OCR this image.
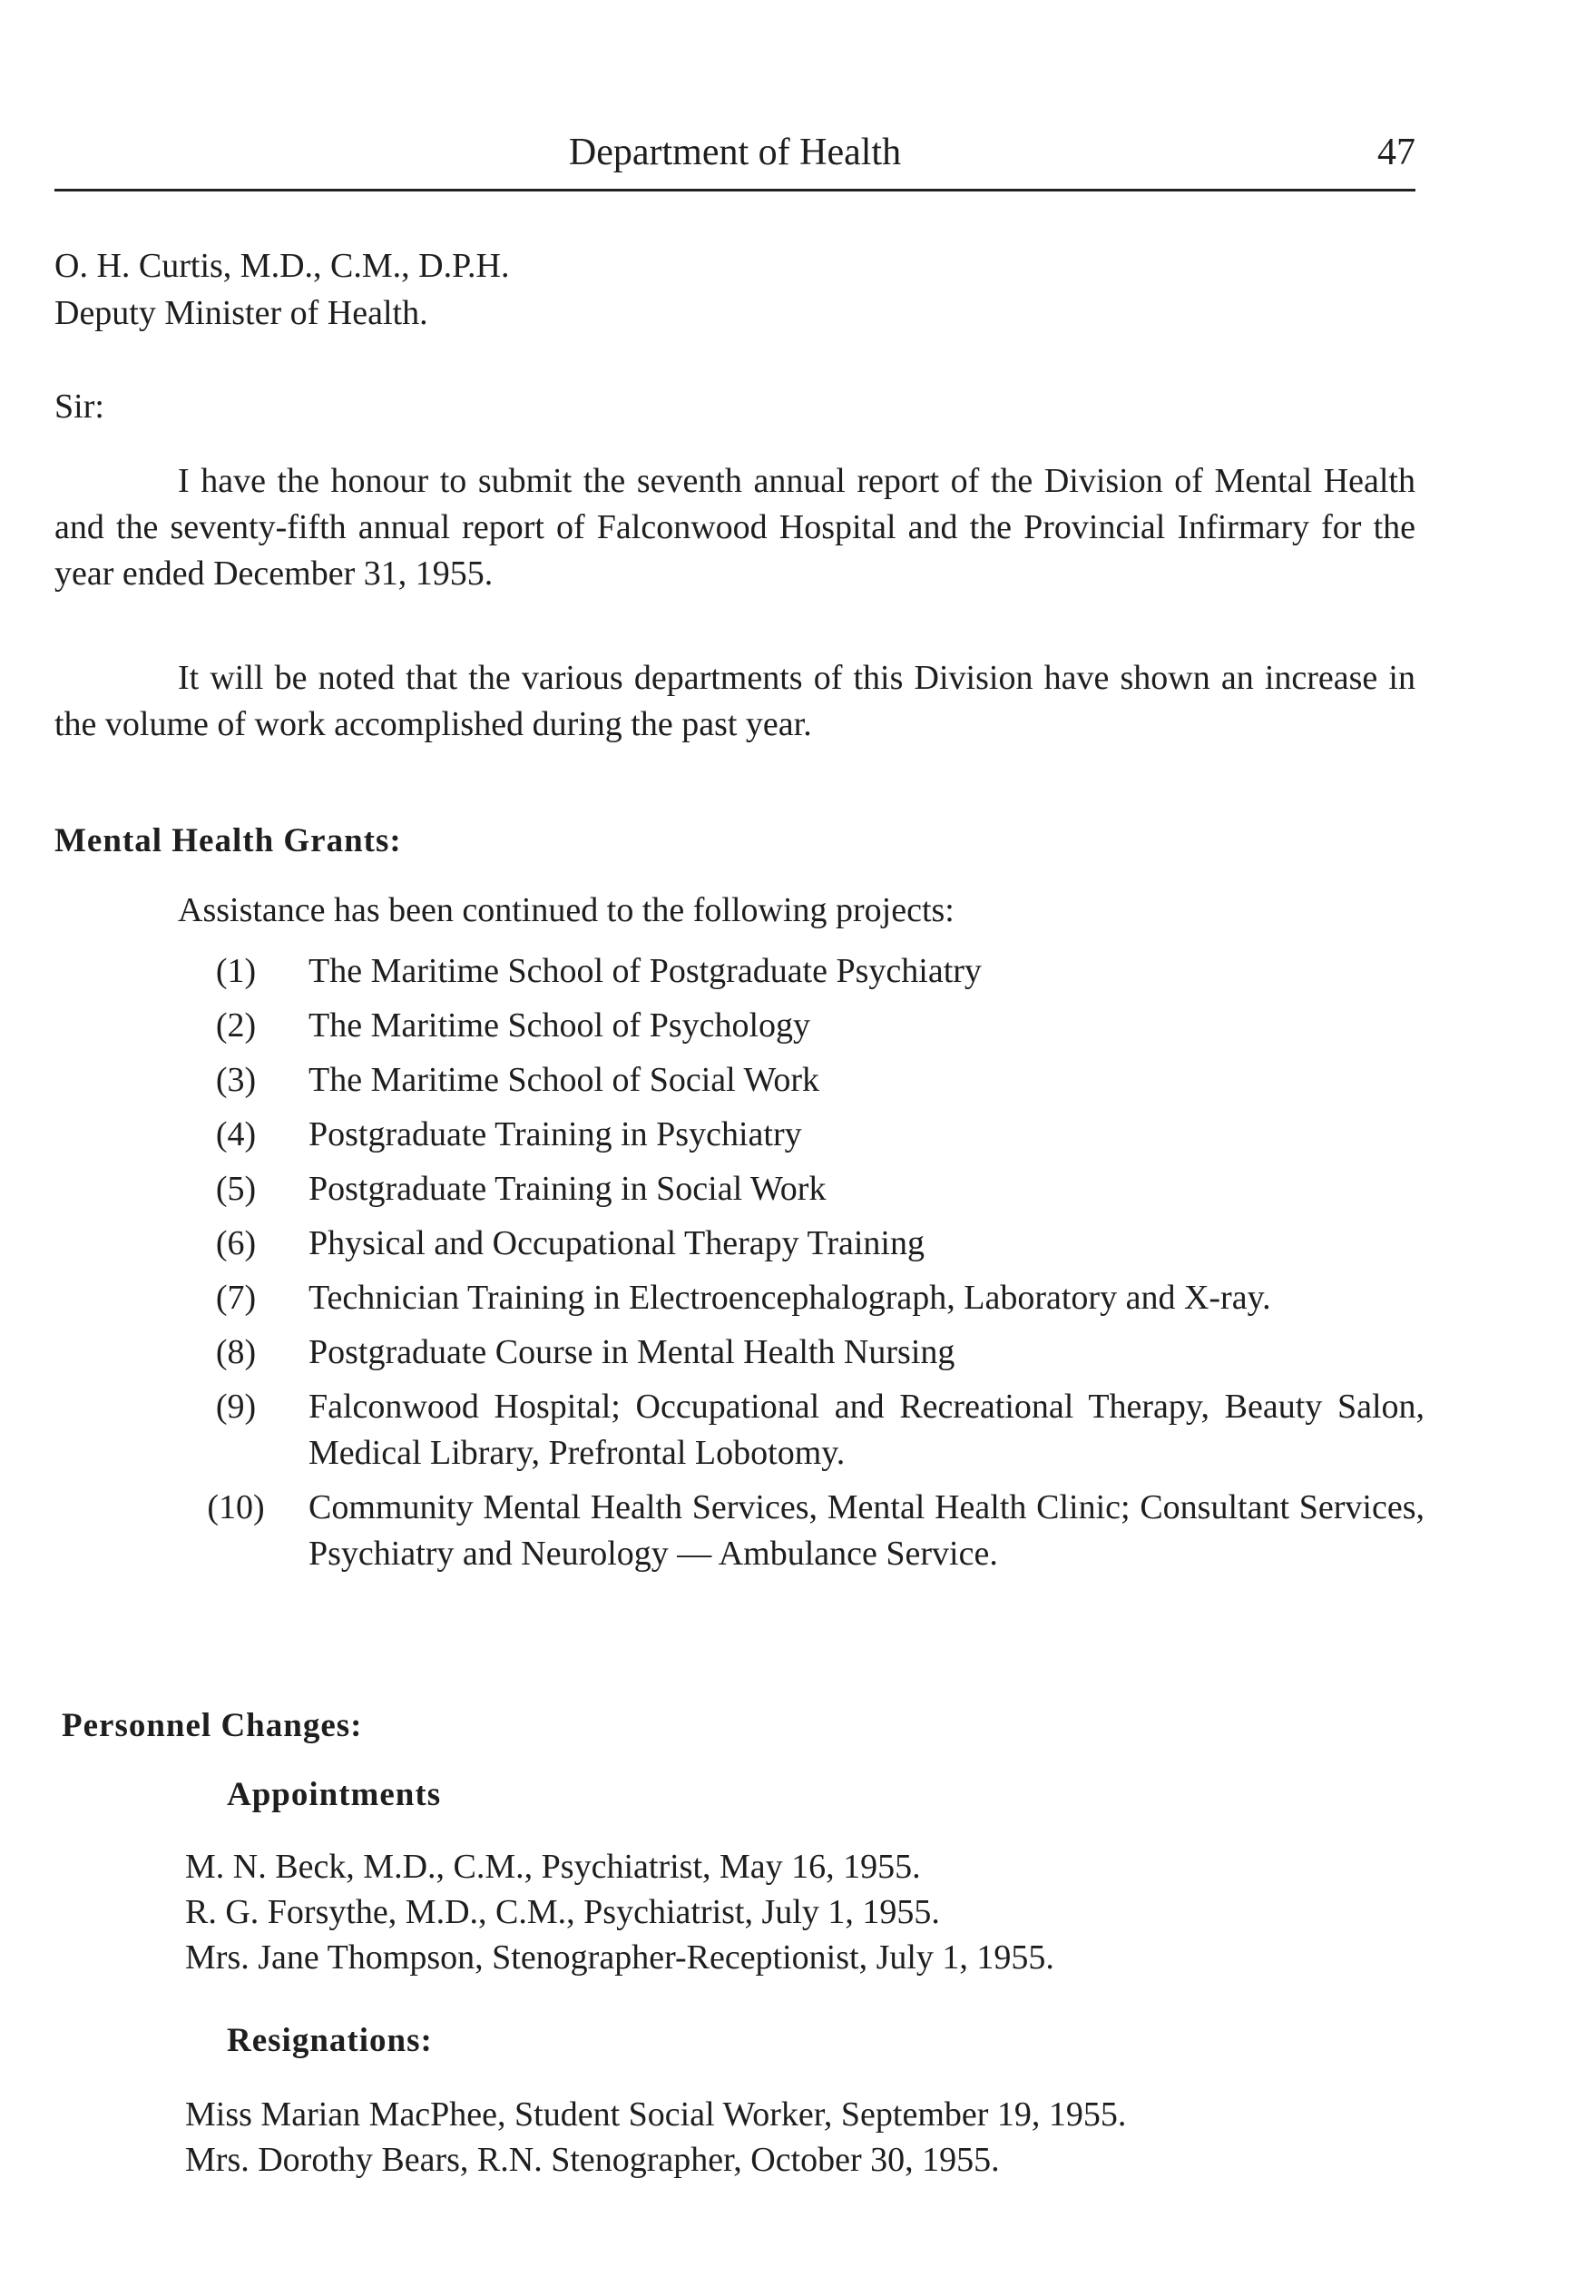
Department of Health	47
O. H. Curtis, M.D., C.M., D.P.H.
Deputy Minister of Health.
Sir:
I have the honour to submit the seventh annual report of the Division of Mental Health and the seventy-fifth annual report of Falconwood Hospital and the Provincial Infirmary for the year ended December 31, 1955.
It will be noted that the various departments of this Division have shown an increase in the volume of work accomplished during the past year.
Mental Health Grants:
Assistance has been continued to the following projects:
(1)	The Maritime School of Postgraduate Psychiatry
(2)	The Maritime School of Psychology
(3)	The Maritime School of Social Work
(4)	Postgraduate Training in Psychiatry
(5)	Postgraduate Training in Social Work
(6)	Physical and Occupational Therapy Training
(7)	Technician Training in Electroencephalograph, Laboratory and X-ray.
(8)	Postgraduate Course in Mental Health Nursing
(9)	Falconwood Hospital; Occupational and Recreational Therapy, Beauty Salon, Medical Library, Prefrontal Lobotomy.
(10)	Community Mental Health Services, Mental Health Clinic; Consultant Services, Psychiatry and Neurology — Ambulance Service.
Personnel Changes:
Appointments
M. N. Beck, M.D., C.M., Psychiatrist, May 16, 1955.
R. G. Forsythe, M.D., C.M., Psychiatrist, July 1, 1955.
Mrs. Jane Thompson, Stenographer-Receptionist, July 1, 1955.
Resignations:
Miss Marian MacPhee, Student Social Worker, September 19, 1955.
Mrs. Dorothy Bears, R.N. Stenographer, October 30, 1955.
